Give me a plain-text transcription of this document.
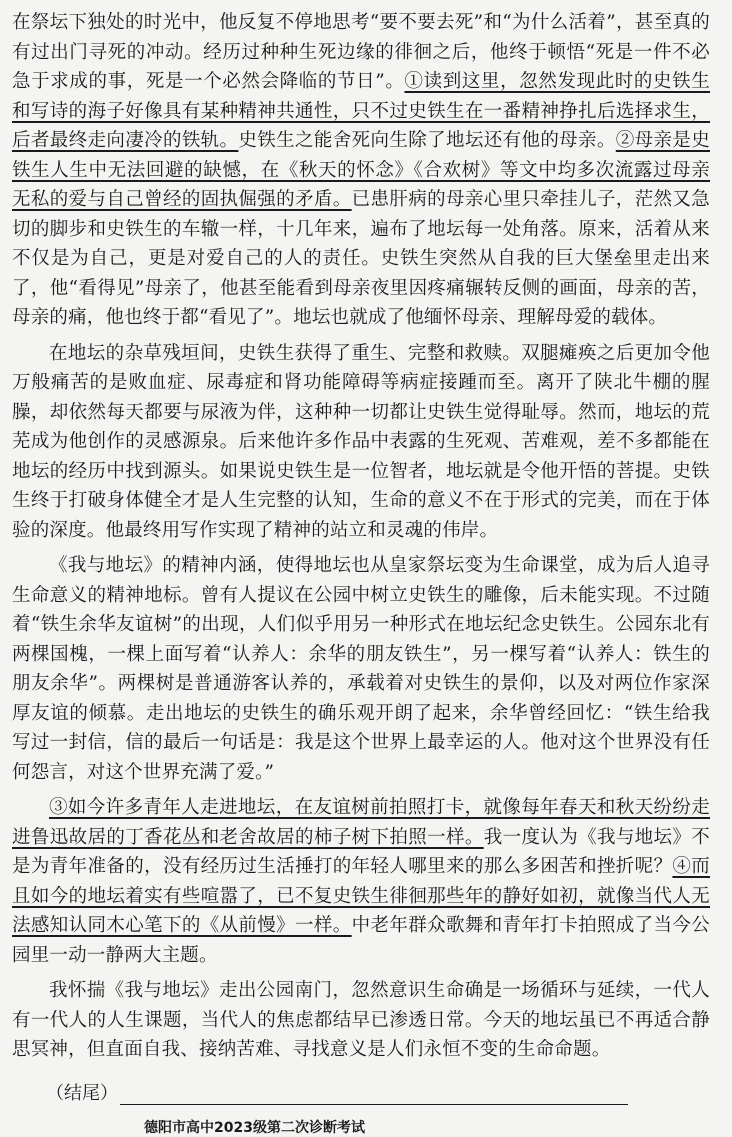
在祭坛下独处的时光中，他反复不停地思考“要不要去死”和“为什么活着”，甚至真的有过出门寻死的冲动。经历过种种生死边缘的徘徊之后，他终于顿悟“死是一件不必急于求成的事，死是一个必然会降临的节日”。①读到这里，忽然发现此时的史铁生和写诗的海子好像具有某种精神共通性，只不过史铁生在一番精神挣扎后选择求生，后者最终走向凄冷的铁轨。史铁生之能舍死向生除了地坛还有他的母亲。②母亲是史铁生人生中无法回避的缺憾，在《秋天的怀念》《合欢树》等文中均多次流露过母亲无私的爱与自己曾经的固执倔强的矛盾。已患肝病的母亲心里只牵挂儿子，茫然又急切的脚步和史铁生的车辙一样，十几年来，遍布了地坛每一处角落。原来，活着从来不仅是为自己，更是对爱自己的人的责任。史铁生突然从自我的巨大堡垒里走出来了，他“看得见”母亲了，他甚至能看到母亲夜里因疼痛辗转反侧的画面，母亲的苦，母亲的痛，他也终于都“看见了”。地坛也就成了他缅怀母亲、理解母爱的载体。

在地坛的杂草残垣间，史铁生获得了重生、完整和救赎。双腿瘫痪之后更加令他万般痛苦的是败血症、尿毒症和肾功能障碍等病症接踵而至。离开了陕北牛棚的腥臊，却依然每天都要与尿液为伴，这种种一切都让史铁生觉得耻辱。然而，地坛的荒芜成为他创作的灵感源泉。后来他许多作品中表露的生死观、苦难观，差不多都能在地坛的经历中找到源头。如果说史铁生是一位智者，地坛就是令他开悟的菩提。史铁生终于打破身体健全才是人生完整的认知，生命的意义不在于形式的完美，而在于体验的深度。他最终用写作实现了精神的站立和灵魂的伟岸。

《我与地坛》的精神内涵，使得地坛也从皇家祭坛变为生命课堂，成为后人追寻生命意义的精神地标。曾有人提议在公园中树立史铁生的雕像，后未能实现。不过随着“铁生余华友谊树”的出现，人们似乎用另一种形式在地坛纪念史铁生。公园东北有两棵国槐，一棵上面写着“认养人：余华的朋友铁生”，另一棵写着“认养人：铁生的朋友余华”。两棵树是普通游客认养的，承载着对史铁生的景仰，以及对两位作家深厚友谊的倾慕。走出地坛的史铁生的确乐观开朗了起来，余华曾经回忆：“铁生给我写过一封信，信的最后一句话是：我是这个世界上最幸运的人。他对这个世界没有任何怨言，对这个世界充满了爱。”

③如今许多青年人走进地坛，在友谊树前拍照打卡，就像每年春天和秋天纷纷走进鲁迅故居的丁香花丛和老舍故居的柿子树下拍照一样。我一度认为《我与地坛》不是为青年准备的，没有经历过生活捶打的年轻人哪里来的那么多困苦和挫折呢？④而且如今的地坛着实有些喧嚣了，已不复史铁生徘徊那些年的静好如初，就像当代人无法感知认同木心笔下的《从前慢》一样。中老年群众歌舞和青年打卡拍照成了当今公园里一动一静两大主题。

我怀揣《我与地坛》走出公园南门，忽然意识生命确是一场循环与延续，一代人有一代人的人生课题，当代人的焦虑都结早已渗透日常。今天的地坛虽已不再适合静思冥神，但直面自我、接纳苦难、寻找意义是人们永恒不变的生命命题。

（结尾）
德阳市高中2023级第二次诊断考试
